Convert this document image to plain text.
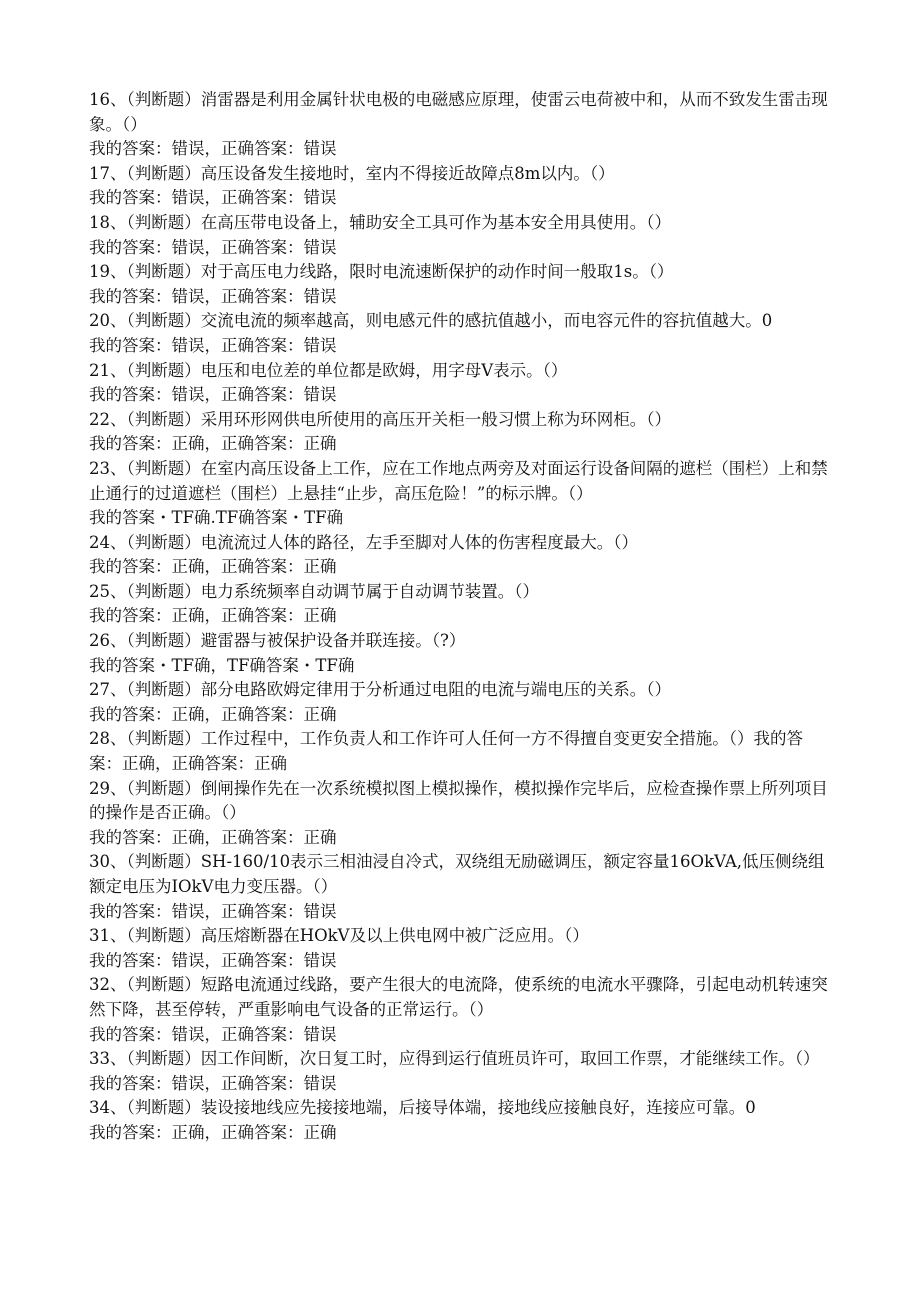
16、（判断题）消雷器是利用金属针状电极的电磁感应原理，使雷云电荷被中和，从而不致发生雷击现象。（）

我的答案：错误，正确答案：错误

17、（判断题）高压设备发生接地时，室内不得接近故障点8m以内。（）

我的答案：错误，正确答案：错误

18、（判断题）在高压带电设备上，辅助安全工具可作为基本安全用具使用。（）

我的答案：错误，正确答案：错误

19、（判断题）对于高压电力线路，限时电流速断保护的动作时间一般取1s。（）

我的答案：错误，正确答案：错误

20、（判断题）交流电流的频率越高，则电感元件的感抗值越小，而电容元件的容抗值越大。0

我的答案：错误，正确答案：错误

21、（判断题）电压和电位差的单位都是欧姆，用字母V表示。（）

我的答案：错误，正确答案：错误

22、（判断题）采用环形网供电所使用的高压开关柜一般习惯上称为环网柜。（）

我的答案：正确，正确答案：正确

23、（判断题）在室内高压设备上工作，应在工作地点两旁及对面运行设备间隔的遮栏（围栏）上和禁止通行的过道遮栏（围栏）上悬挂“止步，高压危险！”的标示牌。（）

我的答案・TF确.TF确答案・TF确

24、（判断题）电流流过人体的路径，左手至脚对人体的伤害程度最大。（）

我的答案：正确，正确答案：正确

25、（判断题）电力系统频率自动调节属于自动调节装置。（）

我的答案：正确，正确答案：正确

26、（判断题）避雷器与被保护设备并联连接。（?）

我的答案・TF确，TF确答案・TF确

27、（判断题）部分电路欧姆定律用于分析通过电阻的电流与端电压的关系。（）

我的答案：正确，正确答案：正确

28、（判断题）工作过程中，工作负责人和工作许可人任何一方不得擅自变更安全措施。（）我的答案：正确，正确答案：正确

29、（判断题）倒闸操作先在一次系统模拟图上模拟操作，模拟操作完毕后，应检查操作票上所列项目的操作是否正确。（）

我的答案：正确，正确答案：正确

30、（判断题）SH-160/10表示三相油浸自冷式，双绕组无励磁调压，额定容量16OkVA,低压侧绕组额定电压为IOkV电力变压器。（）

我的答案：错误，正确答案：错误

31、（判断题）高压熔断器在HOkV及以上供电网中被广泛应用。（）

我的答案：错误，正确答案：错误

32、（判断题）短路电流通过线路，要产生很大的电流降，使系统的电流水平骤降，引起电动机转速突然下降，甚至停转，严重影响电气设备的正常运行。（）

我的答案：错误，正确答案：错误

33、（判断题）因工作间断，次日复工时，应得到运行值班员许可，取回工作票，才能继续工作。（）

我的答案：错误，正确答案：错误

34、（判断题）装设接地线应先接接地端，后接导体端，接地线应接触良好，连接应可靠。0

我的答案：正确，正确答案：正确
